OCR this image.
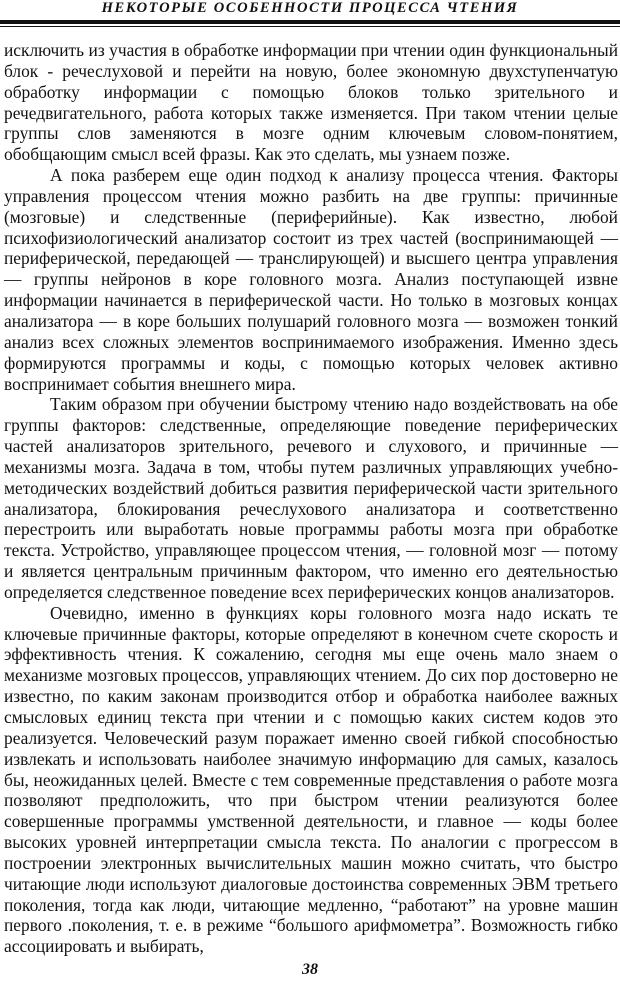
НЕКОТОРЫЕ ОСОБЕННОСТИ ПРОЦЕССА ЧТЕНИЯ

исключить из участия в обработке информации при чтении один функциональный блок - речеслуховой и перейти на новую, более экономную двухступенчатую обработку информации с помощью блоков только зрительного и речедвигательного, работа которых также изменяется. При таком чтении целые группы слов заменяются в мозге одним ключевым словом-понятием, обобщающим смысл всей фразы. Как это сделать, мы узнаем позже.

А пока разберем еще один подход к анализу процесса чтения. Факторы управления процессом чтения можно разбить на две группы: причинные (мозговые) и следственные (периферийные). Как известно, любой психофизиологический анализатор состоит из трех частей (воспринимающей — периферической, передающей — транслирующей) и высшего центра управления — группы нейронов в коре головного мозга. Анализ поступающей извне информации начинается в периферической части. Но только в мозговых концах анализатора — в коре больших полушарий головного мозга — возможен тонкий анализ всех сложных элементов воспринимаемого изображения. Именно здесь формируются программы и коды, с помощью которых человек активно воспринимает события внешнего мира.

Таким образом при обучении быстрому чтению надо воздействовать на обе группы факторов: следственные, определяющие поведение периферических частей анализаторов зрительного, речевого и слухового, и причинные — механизмы мозга. Задача в том, чтобы путем различных управляющих учебно-методических воздействий добиться развития периферической части зрительного анализатора, блокирования речеслухового анализатора и соответственно перестроить или выработать новые программы работы мозга при обработке текста. Устройство, управляющее процессом чтения, — головной мозг — потому и является центральным причинным фактором, что именно его деятельностью определяется следственное поведение всех периферических концов анализаторов.

Очевидно, именно в функциях коры головного мозга надо искать те ключевые причинные факторы, которые определяют в конечном счете скорость и эффективность чтения. К сожалению, сегодня мы еще очень мало знаем о механизме мозговых процессов, управляющих чтением. До сих пор достоверно не известно, по каким законам производится отбор и обработка наиболее важных смысловых единиц текста при чтении и с помощью каких систем кодов это реализуется. Человеческий разум поражает именно своей гибкой способностью извлекать и использовать наиболее значимую информацию для самых, казалось бы, неожиданных целей. Вместе с тем современные представления о работе мозга позволяют предположить, что при быстром чтении реализуются более совершенные программы умственной деятельности, и главное — коды более высоких уровней интерпретации смысла текста. По аналогии с прогрессом в построении электронных вычислительных машин можно считать, что быстро читающие люди используют диалоговые достоинства современных ЭВМ третьего поколения, тогда как люди, читающие медленно, “работают” на уровне машин первого .поколения, т. е. в режиме “большого арифмометра”. Возможность гибко ассоциировать и выбирать,

38
